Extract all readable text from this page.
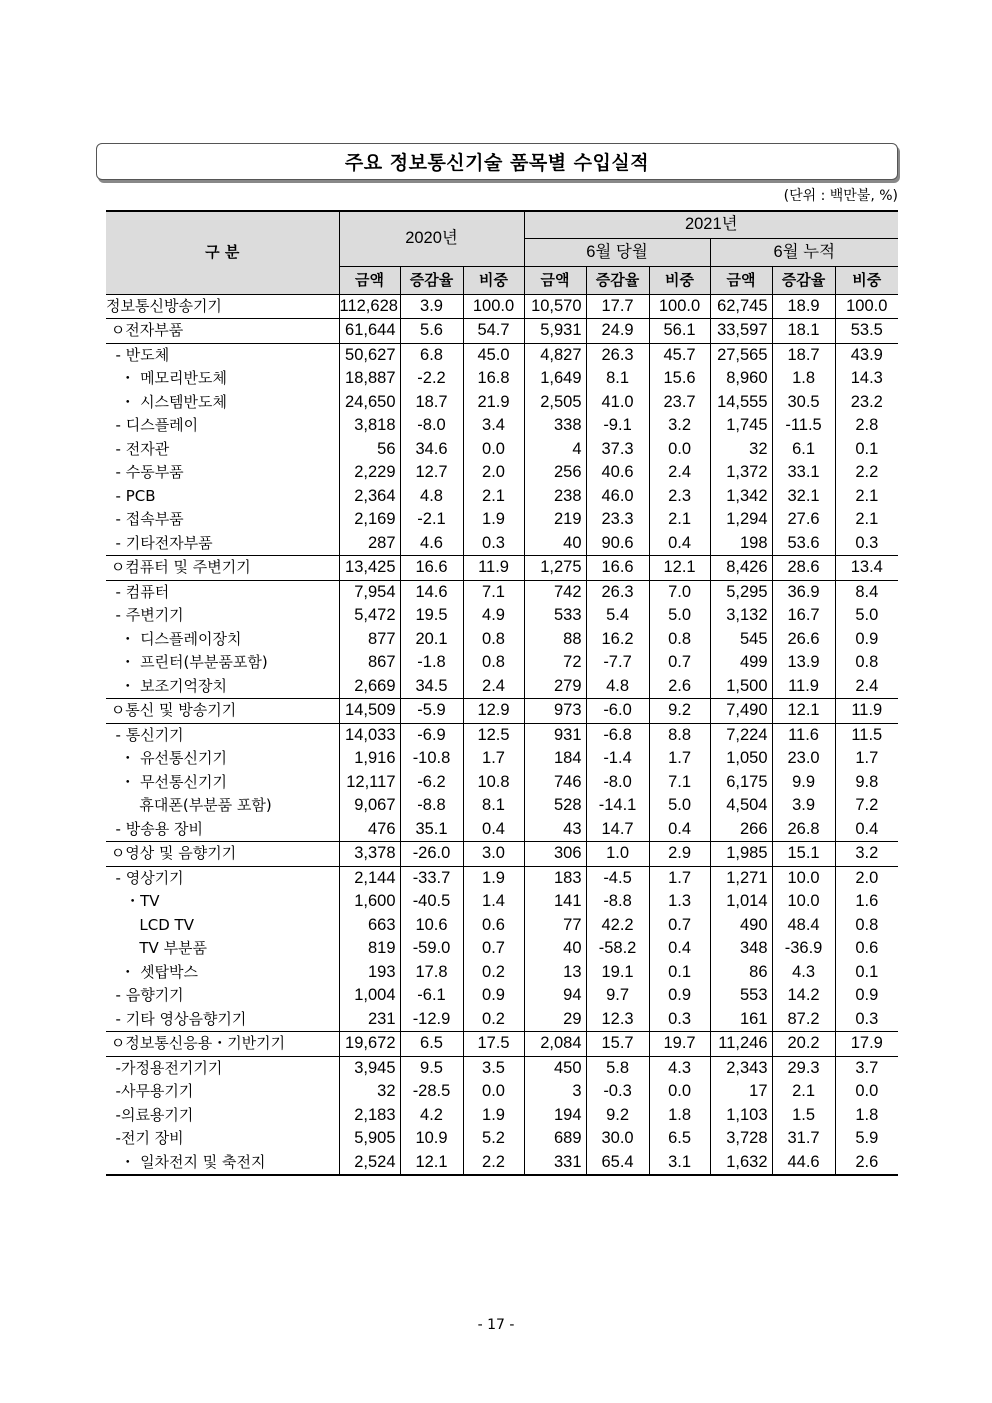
주요 정보통신기술 품목별 수입실적
(단위 : 백만불, %)
구 분	2020년			2021년					
				6월 당월			6월 누적		
	금액	증감율	비중	금액	증감율	비중	금액	증감율	비중
정보통신방송기기	112,628	3.9	100.0	10,570	17.7	100.0	62,745	18.9	100.0
ㅇ전자부품	61,644	5.6	54.7	5,931	24.9	56.1	33,597	18.1	53.5
- 반도체	50,627	6.8	45.0	4,827	26.3	45.7	27,565	18.7	43.9
・ 메모리반도체	18,887	-2.2	16.8	1,649	8.1	15.6	8,960	1.8	14.3
・ 시스템반도체	24,650	18.7	21.9	2,505	41.0	23.7	14,555	30.5	23.2
- 디스플레이	3,818	-8.0	3.4	338	-9.1	3.2	1,745	-11.5	2.8
- 전자관	56	34.6	0.0	4	37.3	0.0	32	6.1	0.1
- 수동부품	2,229	12.7	2.0	256	40.6	2.4	1,372	33.1	2.2
- PCB	2,364	4.8	2.1	238	46.0	2.3	1,342	32.1	2.1
- 접속부품	2,169	-2.1	1.9	219	23.3	2.1	1,294	27.6	2.1
- 기타전자부품	287	4.6	0.3	40	90.6	0.4	198	53.6	0.3
ㅇ컴퓨터 및 주변기기	13,425	16.6	11.9	1,275	16.6	12.1	8,426	28.6	13.4
- 컴퓨터	7,954	14.6	7.1	742	26.3	7.0	5,295	36.9	8.4
- 주변기기	5,472	19.5	4.9	533	5.4	5.0	3,132	16.7	5.0
・ 디스플레이장치	877	20.1	0.8	88	16.2	0.8	545	26.6	0.9
・ 프린터(부분품포함)	867	-1.8	0.8	72	-7.7	0.7	499	13.9	0.8
・ 보조기억장치	2,669	34.5	2.4	279	4.8	2.6	1,500	11.9	2.4
ㅇ통신 및 방송기기	14,509	-5.9	12.9	973	-6.0	9.2	7,490	12.1	11.9
- 통신기기	14,033	-6.9	12.5	931	-6.8	8.8	7,224	11.6	11.5
・ 유선통신기기	1,916	-10.8	1.7	184	-1.4	1.7	1,050	23.0	1.7
・ 무선통신기기	12,117	-6.2	10.8	746	-8.0	7.1	6,175	9.9	9.8
휴대폰(부분품 포함)	9,067	-8.8	8.1	528	-14.1	5.0	4,504	3.9	7.2
- 방송용 장비	476	35.1	0.4	43	14.7	0.4	266	26.8	0.4
ㅇ영상 및 음향기기	3,378	-26.0	3.0	306	1.0	2.9	1,985	15.1	3.2
- 영상기기	2,144	-33.7	1.9	183	-4.5	1.7	1,271	10.0	2.0
・TV	1,600	-40.5	1.4	141	-8.8	1.3	1,014	10.0	1.6
LCD TV	663	10.6	0.6	77	42.2	0.7	490	48.4	0.8
TV 부분품	819	-59.0	0.7	40	-58.2	0.4	348	-36.9	0.6
・ 셋탑박스	193	17.8	0.2	13	19.1	0.1	86	4.3	0.1
- 음향기기	1,004	-6.1	0.9	94	9.7	0.9	553	14.2	0.9
- 기타 영상음향기기	231	-12.9	0.2	29	12.3	0.3	161	87.2	0.3
ㅇ정보통신응용・기반기기	19,672	6.5	17.5	2,084	15.7	19.7	11,246	20.2	17.9
-가정용전기기기	3,945	9.5	3.5	450	5.8	4.3	2,343	29.3	3.7
-사무용기기	32	-28.5	0.0	3	-0.3	0.0	17	2.1	0.0
-의료용기기	2,183	4.2	1.9	194	9.2	1.8	1,103	1.5	1.8
-전기 장비	5,905	10.9	5.2	689	30.0	6.5	3,728	31.7	5.9
・ 일차전지 및 축전지	2,524	12.1	2.2	331	65.4	3.1	1,632	44.6	2.6
- 17 -
